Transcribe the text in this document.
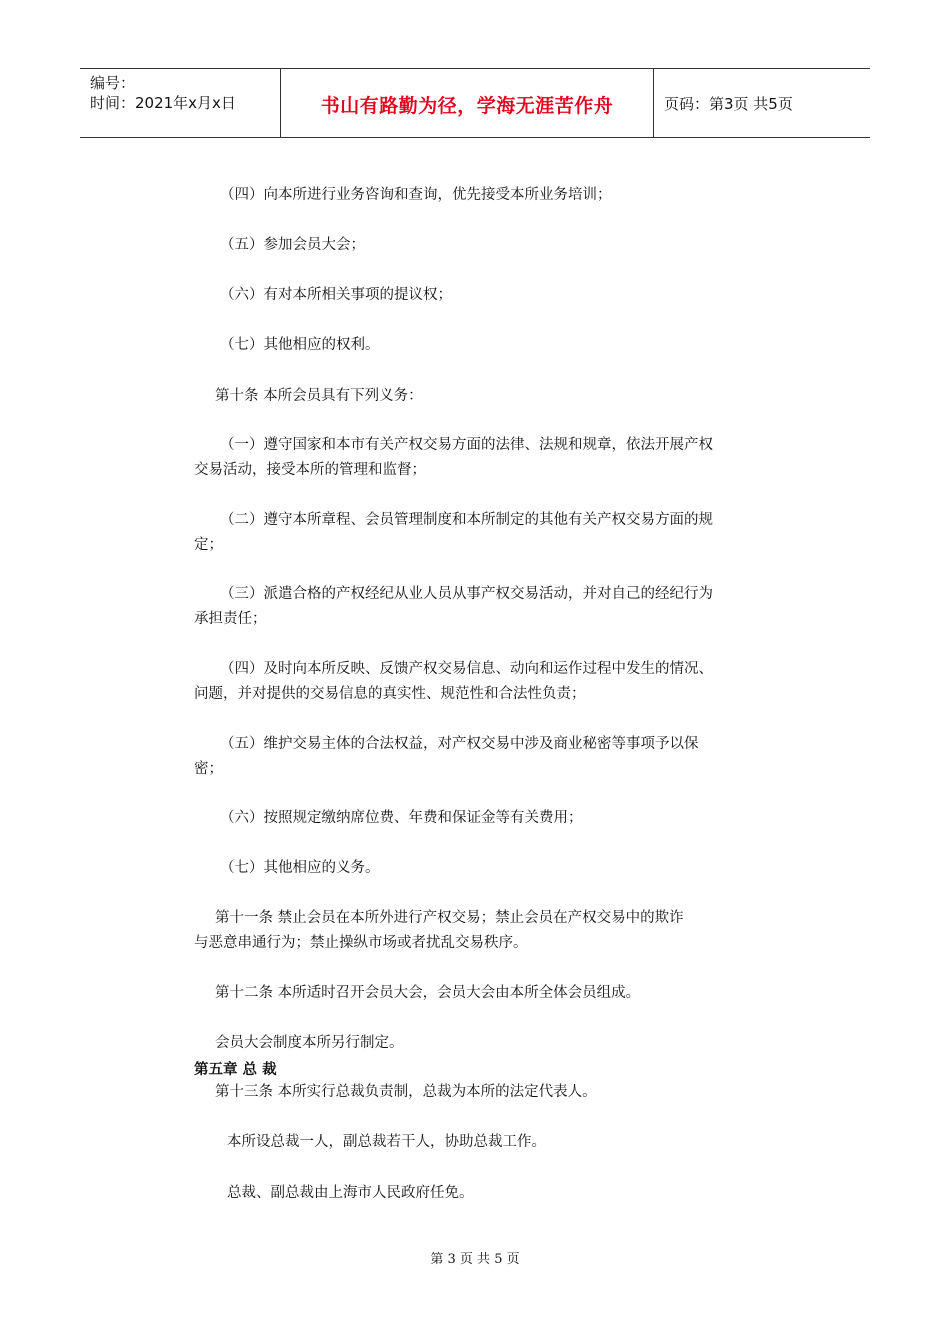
编号：
时间：2021年x月x日	书山有路勤为径，学海无涯苦作舟	页码：第3页 共5页
（四）向本所进行业务咨询和查询，优先接受本所业务培训；
（五）参加会员大会；
（六）有对本所相关事项的提议权；
（七）其他相应的权利。
第十条 本所会员具有下列义务：
（一）遵守国家和本市有关产权交易方面的法律、法规和规章，依法开展产权
交易活动，接受本所的管理和监督；
（二）遵守本所章程、会员管理制度和本所制定的其他有关产权交易方面的规
定；
（三）派遣合格的产权经纪从业人员从事产权交易活动，并对自己的经纪行为
承担责任；
（四）及时向本所反映、反馈产权交易信息、动向和运作过程中发生的情况、
问题，并对提供的交易信息的真实性、规范性和合法性负责；
（五）维护交易主体的合法权益，对产权交易中涉及商业秘密等事项予以保
密；
（六）按照规定缴纳席位费、年费和保证金等有关费用；
（七）其他相应的义务。
第十一条 禁止会员在本所外进行产权交易；禁止会员在产权交易中的欺诈
与恶意串通行为；禁止操纵市场或者扰乱交易秩序。
第十二条 本所适时召开会员大会，会员大会由本所全体会员组成。
会员大会制度本所另行制定。
第五章 总 裁
第十三条 本所实行总裁负责制，总裁为本所的法定代表人。
本所设总裁一人，副总裁若干人，协助总裁工作。
总裁、副总裁由上海市人民政府任免。
第 3 页 共 5 页
